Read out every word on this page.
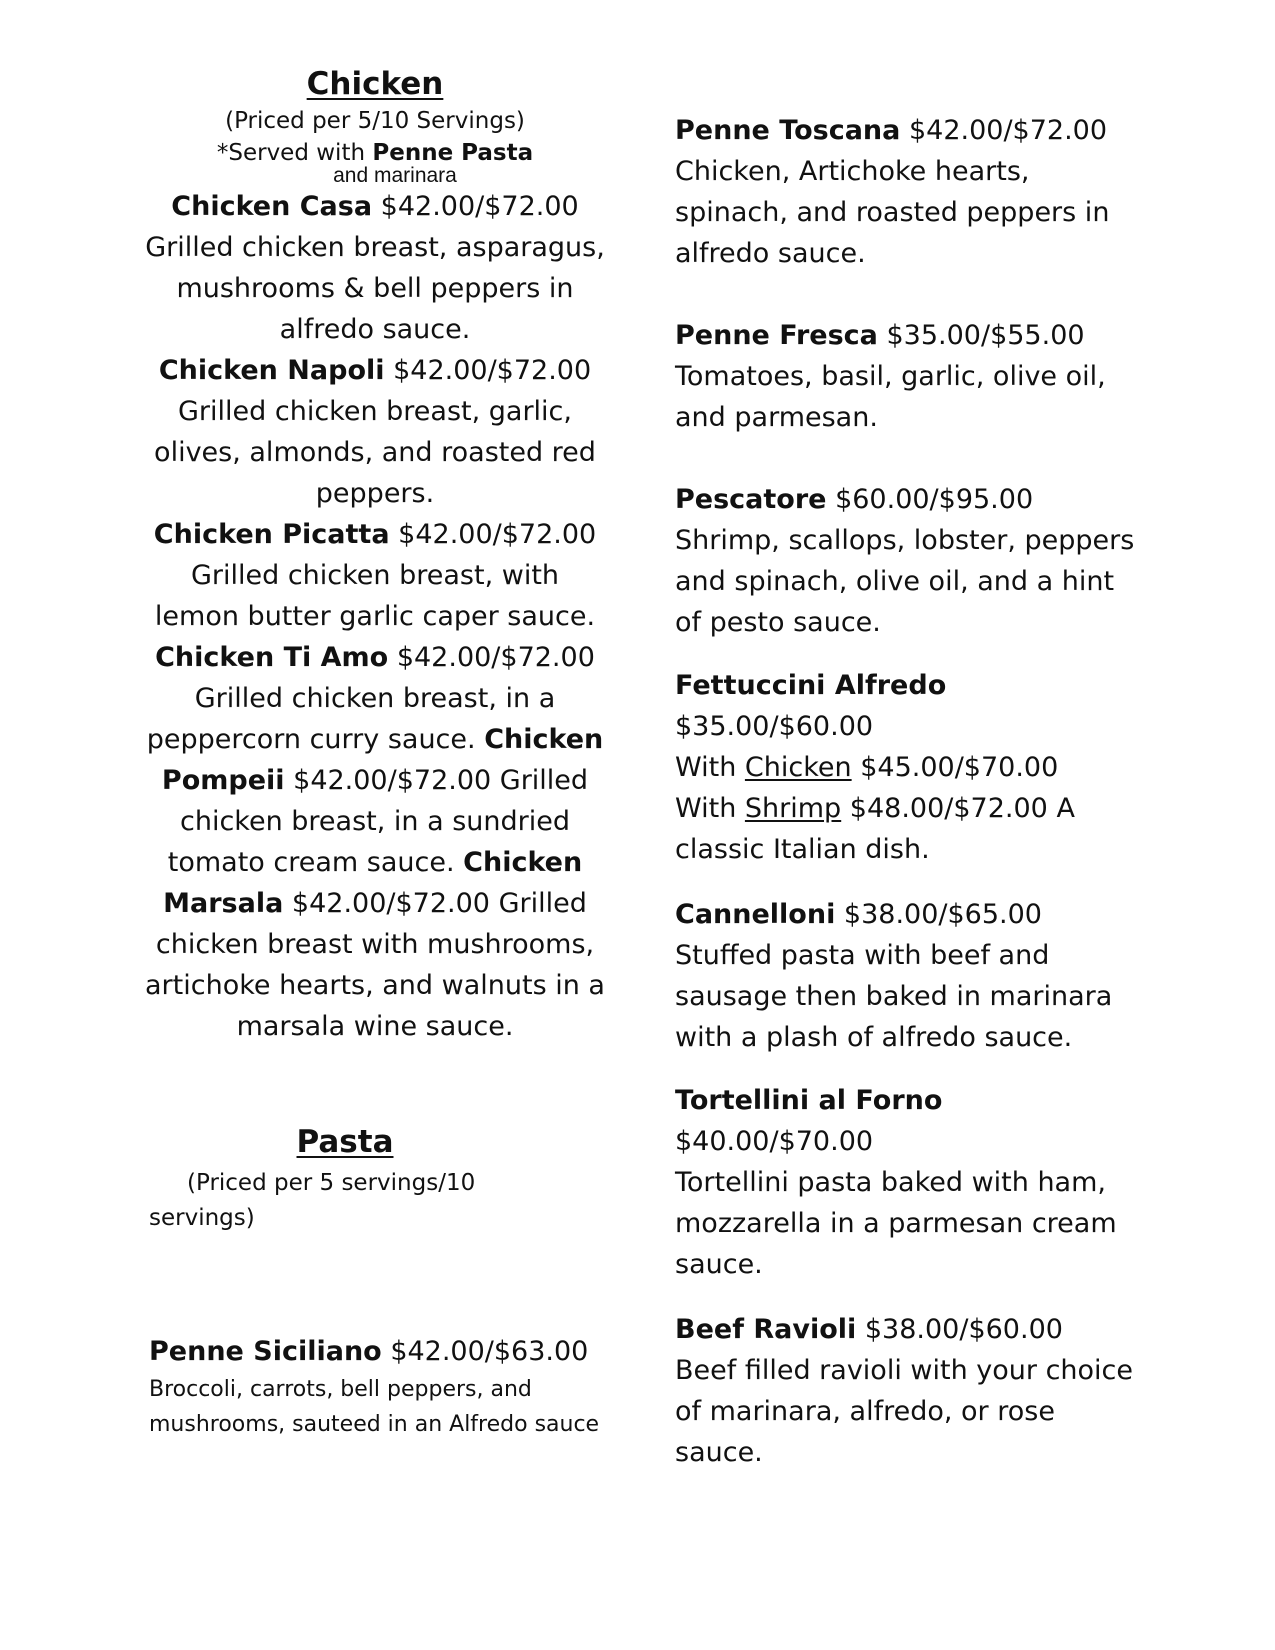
Chicken
(Priced per 5/10 Servings)
*Served with Penne Pasta
and marinara
Chicken Casa $42.00/$72.00
Grilled chicken breast, asparagus, mushrooms & bell peppers in alfredo sauce.
Chicken Napoli $42.00/$72.00
Grilled chicken breast, garlic, olives, almonds, and roasted red peppers.
Chicken Picatta $42.00/$72.00
Grilled chicken breast, with lemon butter garlic caper sauce.
Chicken Ti Amo $42.00/$72.00
Grilled chicken breast, in a peppercorn curry sauce. Chicken Pompeii $42.00/$72.00 Grilled chicken breast, in a sundried tomato cream sauce. Chicken Marsala $42.00/$72.00 Grilled chicken breast with mushrooms, artichoke hearts, and walnuts in a marsala wine sauce.
Pasta
(Priced per 5 servings/10 servings)
Penne Siciliano $42.00/$63.00
Broccoli, carrots, bell peppers, and mushrooms, sauteed in an Alfredo sauce
Penne Toscana $42.00/$72.00
Chicken, Artichoke hearts, spinach, and roasted peppers in alfredo sauce.
Penne Fresca $35.00/$55.00
Tomatoes, basil, garlic, olive oil, and parmesan.
Pescatore $60.00/$95.00
Shrimp, scallops, lobster, peppers and spinach, olive oil, and a hint of pesto sauce.
Fettuccini Alfredo
$35.00/$60.00
With Chicken $45.00/$70.00
With Shrimp $48.00/$72.00 A classic Italian dish.
Cannelloni $38.00/$65.00
Stuffed pasta with beef and sausage then baked in marinara with a plash of alfredo sauce.
Tortellini al Forno
$40.00/$70.00
Tortellini pasta baked with ham, mozzarella in a parmesan cream sauce.
Beef Ravioli $38.00/$60.00
Beef filled ravioli with your choice of marinara, alfredo, or rose sauce.
